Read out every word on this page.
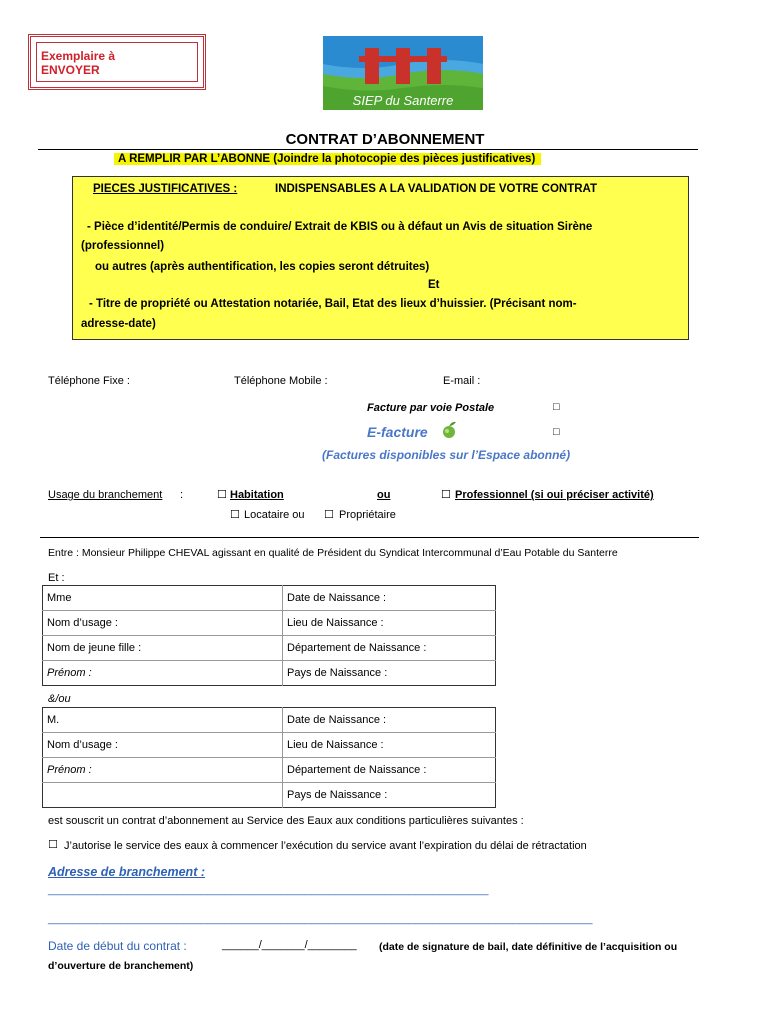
Exemplaire à
ENVOYER
SIEP du Santerre
CONTRAT D’ABONNEMENT
A REMPLIR PAR L’ABONNE (Joindre la photocopie des pièces justificatives)
PIECES JUSTIFICATIVES :	INDISPENSABLES A LA VALIDATION DE VOTRE CONTRAT
- Pièce d’identité/Permis de conduire/ Extrait de KBIS ou à défaut un Avis de situation Sirène
(professionnel)
ou autres (après authentification, les copies seront détruites)
Et
- Titre de propriété ou Attestation notariée, Bail, Etat des lieux d’huissier. (Précisant nom-
adresse-date)
Téléphone Fixe :	Téléphone Mobile :	E-mail :
Facture par voie Postale	□
E-facture	□
(Factures disponibles sur l’Espace abonné)
Usage du branchement :	☐ Habitation	ou	☐ Professionnel (si oui préciser activité)
☐ Locataire ou ☐ Propriétaire
Entre : Monsieur Philippe CHEVAL agissant en qualité de Président du Syndicat Intercommunal d’Eau Potable du Santerre
Et :
Mme	Date de Naissance :
Nom d’usage :	Lieu de Naissance :
Nom de jeune fille :	Département de Naissance :
Prénom :	Pays de Naissance :
&/ou
M.	Date de Naissance :
Nom d’usage :	Lieu de Naissance :
Prénom :	Département de Naissance :
	Pays de Naissance :
est souscrit un contrat d’abonnement au Service des Eaux aux conditions particulières suivantes :
☐ J’autorise le service des eaux à commencer l’exécution du service avant l’expiration du délai de rétractation
Adresse de branchement :
________________________________________________________________________
_________________________________________________________________________________________
Date de début du contrat :	______/_______/________ (date de signature de bail, date définitive de l’acquisition ou
d’ouverture de branchement)
